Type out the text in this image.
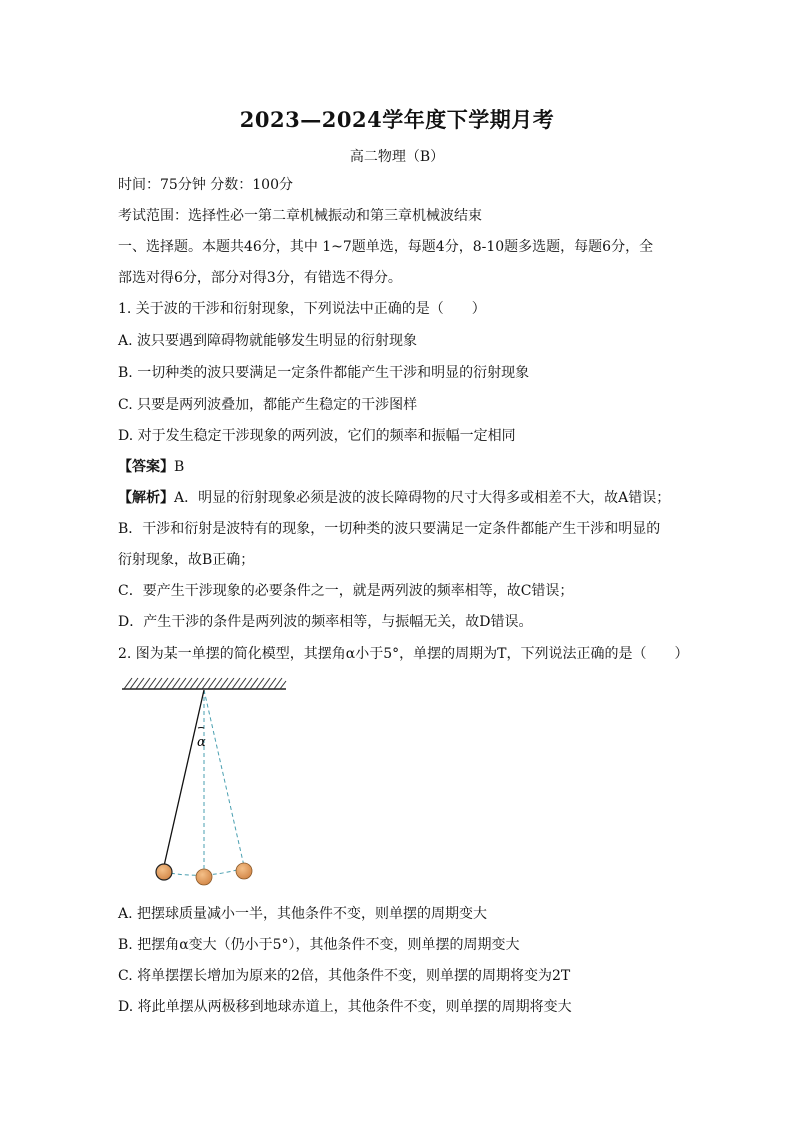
2023—2024学年度下学期月考
高二物理（B）
时间：75分钟 分数：100分
考试范围：选择性必一第二章机械振动和第三章机械波结束
一、选择题。本题共46分，其中 1~7题单选，每题4分，8-10题多选题，每题6分，全
部选对得6分，部分对得3分，有错选不得分。
1. 关于波的干涉和衍射现象，下列说法中正确的是（　　）
A. 波只要遇到障碍物就能够发生明显的衍射现象
B. 一切种类的波只要满足一定条件都能产生干涉和明显的衍射现象
C. 只要是两列波叠加，都能产生稳定的干涉图样
D. 对于发生稳定干涉现象的两列波，它们的频率和振幅一定相同
【答案】B
【解析】A．明显的衍射现象必须是波的波长障碍物的尺寸大得多或相差不大，故A错误；
B．干涉和衍射是波特有的现象，一切种类的波只要满足一定条件都能产生干涉和明显的
衍射现象，故B正确；
C．要产生干涉现象的必要条件之一，就是两列波的频率相等，故C错误；
D．产生干涉的条件是两列波的频率相等，与振幅无关，故D错误。
2. 图为某一单摆的简化模型，其摆角α小于5°，单摆的周期为T，下列说法正确的是（　　）
α
A. 把摆球质量减小一半，其他条件不变，则单摆的周期变大
B. 把摆角α变大（仍小于5°），其他条件不变，则单摆的周期变大
C. 将单摆摆长增加为原来的2倍，其他条件不变，则单摆的周期将变为2T
D. 将此单摆从两极移到地球赤道上，其他条件不变，则单摆的周期将变大
